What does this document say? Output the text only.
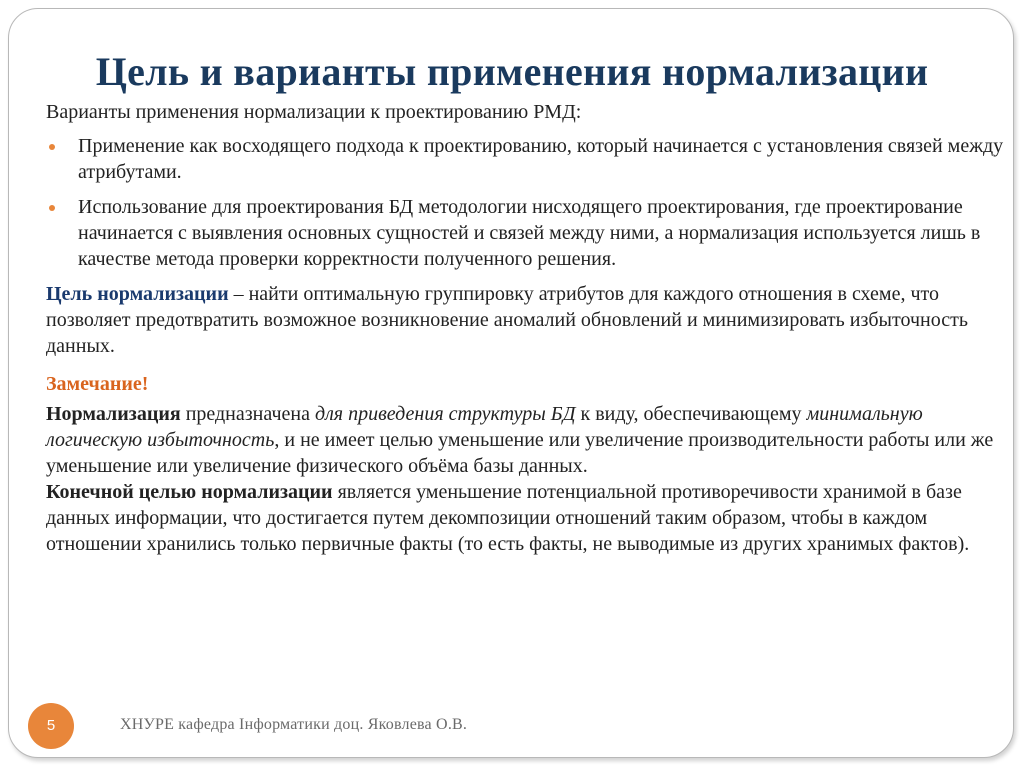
Цель и варианты применения нормализации

Варианты применения нормализации к проектированию РМД:

Применение как восходящего подхода к проектированию, который начинается с установления связей между атрибутами.
Использование для проектирования БД методологии нисходящего проектирования, где проектирование начинается с выявления основных сущностей и связей между ними, а нормализация используется лишь в качестве метода проверки корректности полученного решения.

Цель нормализации – найти оптимальную группировку атрибутов для каждого отношения в схеме, что позволяет предотвратить возможное возникновение аномалий обновлений и минимизировать избыточность данных.

Замечание!

Нормализация предназначена для приведения структуры БД к виду, обеспечивающему минимальную логическую избыточность, и не имеет целью уменьшение или увеличение производительности работы или же уменьшение или увеличение физического объёма базы данных.

Конечной целью нормализации является уменьшение потенциальной противоречивости хранимой в базе данных информации, что достигается путем декомпозиции отношений таким образом, чтобы в каждом отношении хранились только первичные факты (то есть факты, не выводимые из других хранимых фактов).

5	ХНУРЕ кафедра Інформатики доц. Яковлева О.В.
